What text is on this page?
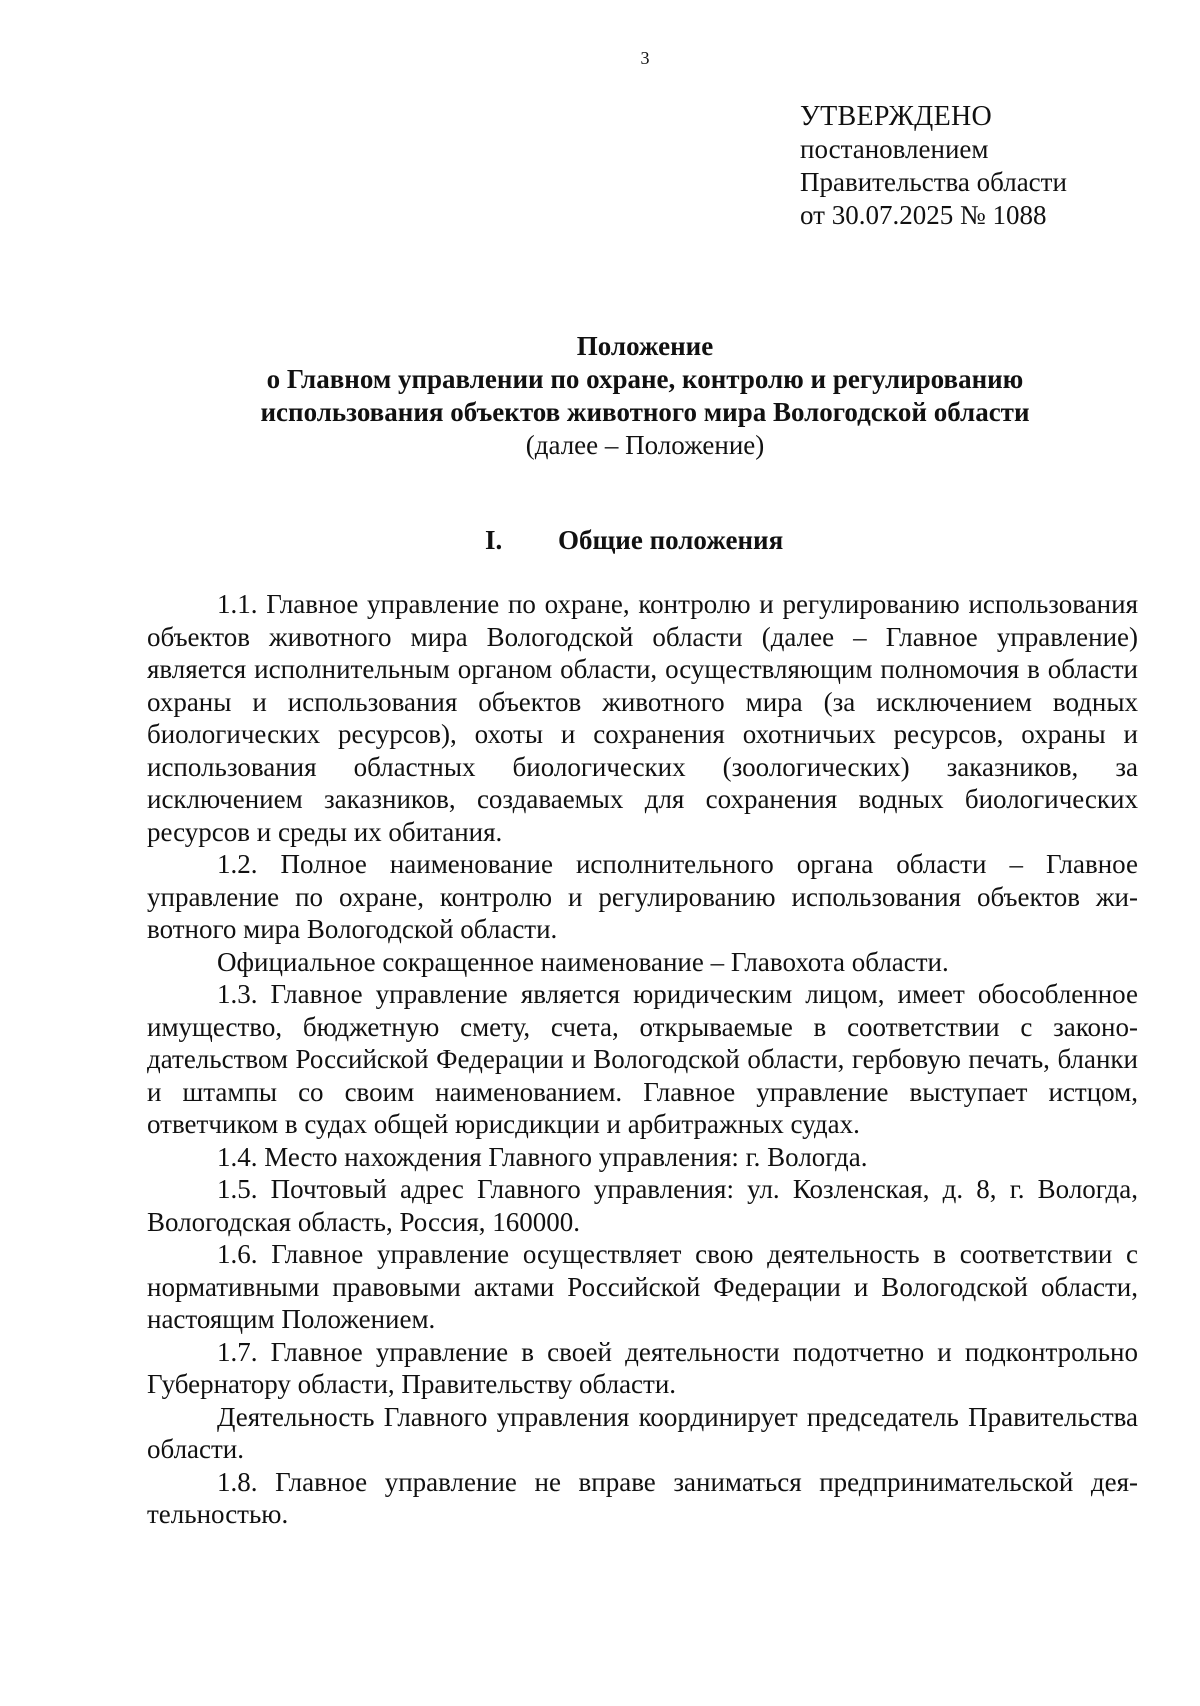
3
УТВЕРЖДЕНО
постановлением
Правительства области
от 30.07.2025 № 1088
Положение
о Главном управлении по охране, контролю и регулированию
использования объектов животного мира Вологодской области
(далее – Положение)
I. Общие положения

1.1. Главное управление по охране, контролю и регулированию использования объектов животного мира Вологодской области (далее – Главное управление) является исполнительным органом области, осуществляющим полномочия в области охраны и использования объектов животного мира (за исключением водных биологических ресурсов), охоты и сохранения охотничьих ресурсов, охраны и использования областных биологических (зоологических) заказников, за исключением заказников, создаваемых для сохранения водных биологических ресурсов и среды их обитания.

1.2. Полное наименование исполнительного органа области – Главное управление по охране, контролю и регулированию использования объектов животного мира Вологодской области.

Официальное сокращенное наименование – Главохота области.

1.3. Главное управление является юридическим лицом, имеет обособленное имущество, бюджетную смету, счета, открываемые в соответствии с законодательством Российской Федерации и Вологодской области, гербовую печать, бланки и штампы со своим наименованием. Главное управление выступает истцом, ответчиком в судах общей юрисдикции и арбитражных судах.

1.4. Место нахождения Главного управления: г. Вологда.

1.5. Почтовый адрес Главного управления: ул. Козленская, д. 8, г. Вологда, Вологодская область, Россия, 160000.

1.6. Главное управление осуществляет свою деятельность в соответствии с нормативными правовыми актами Российской Федерации и Вологодской области, настоящим Положением.

1.7. Главное управление в своей деятельности подотчетно и подконтрольно Губернатору области, Правительству области.

Деятельность Главного управления координирует председатель Правительства области.

1.8. Главное управление не вправе заниматься предпринимательской деятельностью.
